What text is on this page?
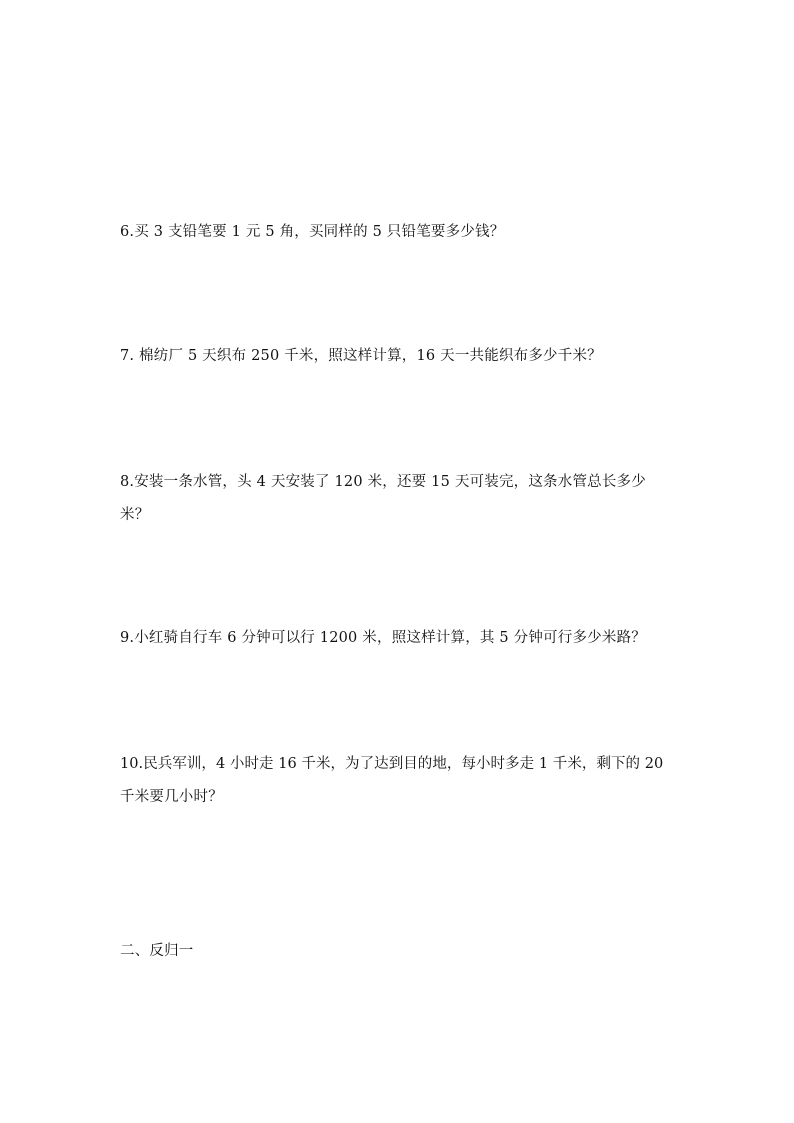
6.买 3 支铅笔要 1 元 5 角，买同样的 5 只铅笔要多少钱？
7. 棉纺厂 5 天织布 250 千米，照这样计算，16 天一共能织布多少千米？
8.安装一条水管，头 4 天安装了 120 米，还要 15 天可装完，这条水管总长多少
米？
9.小红骑自行车 6 分钟可以行 1200 米，照这样计算，其 5 分钟可行多少米路？
10.民兵军训，4 小时走 16 千米，为了达到目的地，每小时多走 1 千米，剩下的 20
千米要几小时？
二、反归一
